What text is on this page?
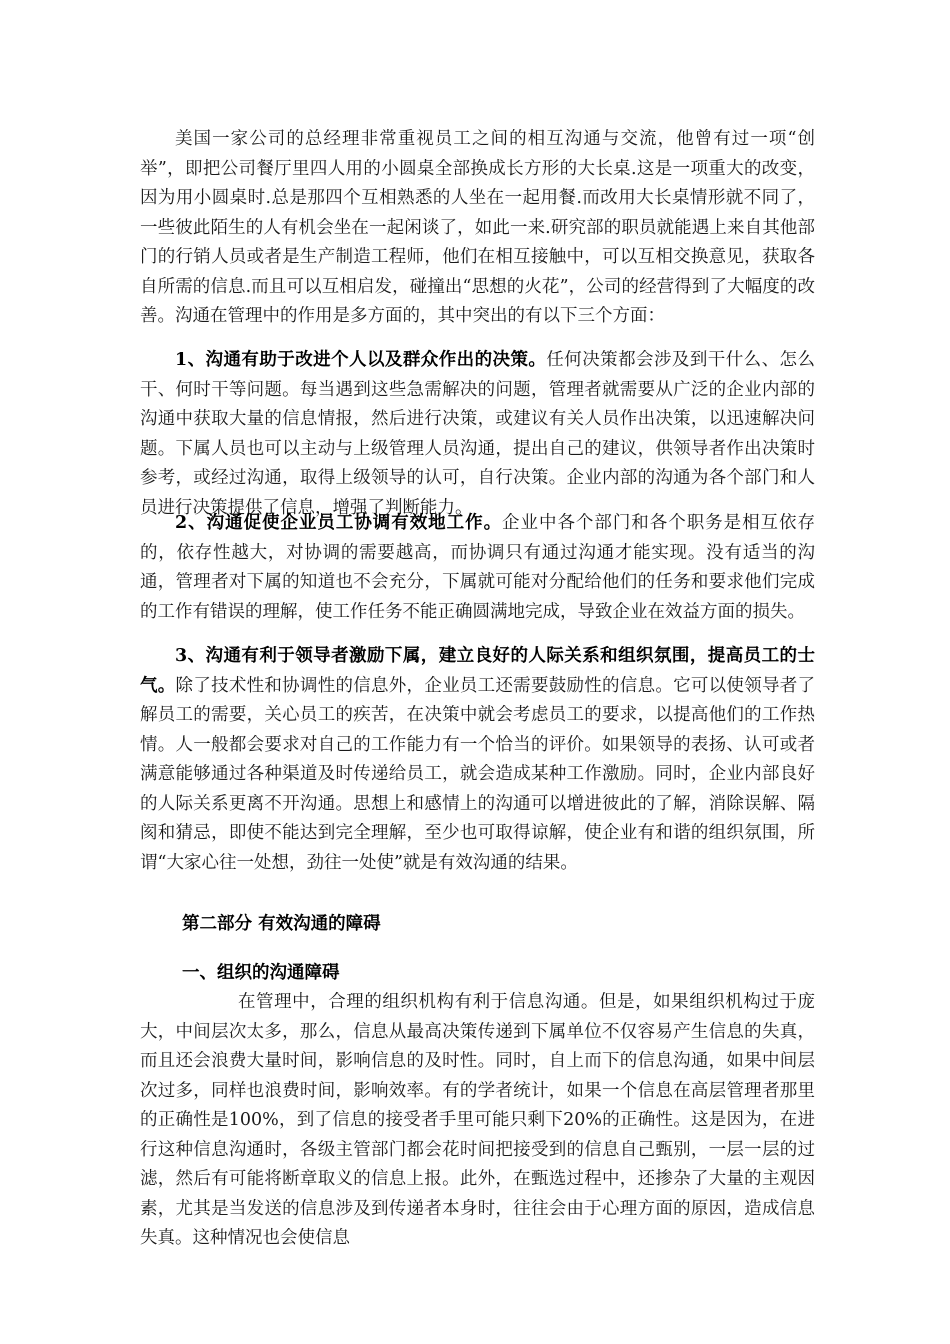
美国一家公司的总经理非常重视员工之间的相互沟通与交流，他曾有过一项“创举”，即把公司餐厅里四人用的小圆桌全部换成长方形的大长桌.这是一项重大的改变，因为用小圆桌时.总是那四个互相熟悉的人坐在一起用餐.而改用大长桌情形就不同了，一些彼此陌生的人有机会坐在一起闲谈了，如此一来.研究部的职员就能遇上来自其他部门的行销人员或者是生产制造工程师，他们在相互接触中，可以互相交换意见，获取各自所需的信息.而且可以互相启发，碰撞出“思想的火花”，公司的经营得到了大幅度的改善。沟通在管理中的作用是多方面的，其中突出的有以下三个方面：

1、沟通有助于改进个人以及群众作出的决策。任何决策都会涉及到干什么、怎么干、何时干等问题。每当遇到这些急需解决的问题，管理者就需要从广泛的企业内部的沟通中获取大量的信息情报，然后进行决策，或建议有关人员作出决策，以迅速解决问题。下属人员也可以主动与上级管理人员沟通，提出自己的建议，供领导者作出决策时参考，或经过沟通，取得上级领导的认可，自行决策。企业内部的沟通为各个部门和人员进行决策提供了信息，增强了判断能力。

2、沟通促使企业员工协调有效地工作。企业中各个部门和各个职务是相互依存的，依存性越大，对协调的需要越高，而协调只有通过沟通才能实现。没有适当的沟通，管理者对下属的知道也不会充分，下属就可能对分配给他们的任务和要求他们完成的工作有错误的理解，使工作任务不能正确圆满地完成，导致企业在效益方面的损失。

3、沟通有利于领导者激励下属，建立良好的人际关系和组织氛围，提高员工的士气。除了技术性和协调性的信息外，企业员工还需要鼓励性的信息。它可以使领导者了解员工的需要，关心员工的疾苦，在决策中就会考虑员工的要求，以提高他们的工作热情。人一般都会要求对自己的工作能力有一个恰当的评价。如果领导的表扬、认可或者满意能够通过各种渠道及时传递给员工，就会造成某种工作激励。同时，企业内部良好的人际关系更离不开沟通。思想上和感情上的沟通可以增进彼此的了解，消除误解、隔阂和猜忌，即使不能达到完全理解，至少也可取得谅解，使企业有和谐的组织氛围，所谓“大家心往一处想，劲往一处使”就是有效沟通的结果。

第二部分 有效沟通的障碍
一、组织的沟通障碍

在管理中，合理的组织机构有利于信息沟通。但是，如果组织机构过于庞大，中间层次太多，那么，信息从最高决策传递到下属单位不仅容易产生信息的失真，而且还会浪费大量时间，影响信息的及时性。同时，自上而下的信息沟通，如果中间层次过多，同样也浪费时间，影响效率。有的学者统计，如果一个信息在高层管理者那里的正确性是100%，到了信息的接受者手里可能只剩下20%的正确性。这是因为，在进行这种信息沟通时，各级主管部门都会花时间把接受到的信息自己甄别，一层一层的过滤，然后有可能将断章取义的信息上报。此外，在甄选过程中，还掺杂了大量的主观因素，尤其是当发送的信息涉及到传递者本身时，往往会由于心理方面的原因，造成信息失真。这种情况也会使信息
